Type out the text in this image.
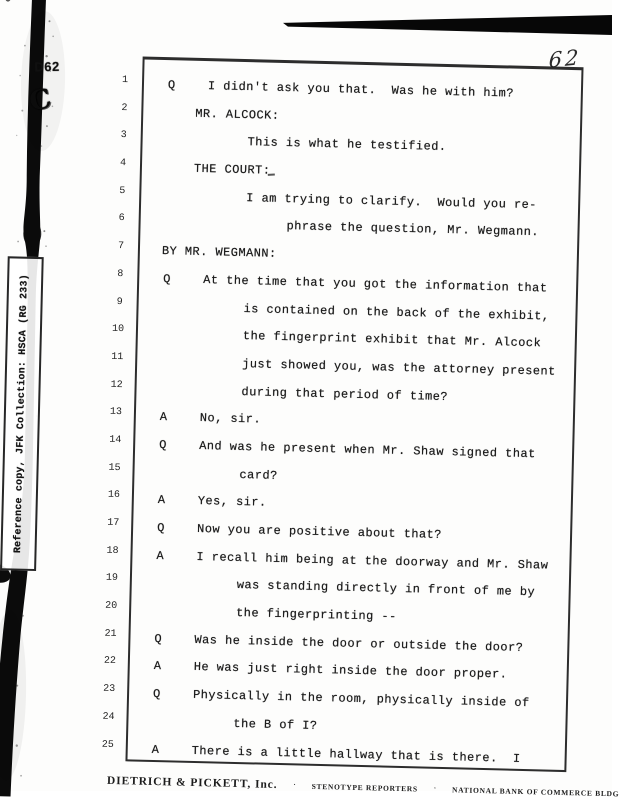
D62
C
Reference copy, JFK Collection: HSCA (RG 233)
62
1	Q	I didn't ask you that.  Was he with him?
2	MR. ALCOCK:
3	This is what he testified.
4	THE COURT:
5	I am trying to clarify.  Would you re-
6
phrase the question, Mr. Wegmann.
7	BY MR. WEGMANN:
8	Q	At the time that you got the information that
9	is contained on the back of the exhibit,
10	the fingerprint exhibit that Mr. Alcock
11	just showed you, was the attorney present
12	during that period of time?
13	A	No, sir.
14	Q	And was he present when Mr. Shaw signed that
15	card?
16	A	Yes, sir.
17	Q	Now you are positive about that?
18	A	I recall him being at the doorway and Mr. Shaw
19	was standing directly in front of me by
20	the fingerprinting --
21	Q	Was he inside the door or outside the door?
22	A	He was just right inside the door proper.
23	Q	Physically in the room, physically inside of
24	the B of I?
25	A	There is a little hallway that is there.  I
DIETRICH & PICKETT, Inc. · STENOTYPE REPORTERS · NATIONAL BANK OF COMMERCE BLDG
